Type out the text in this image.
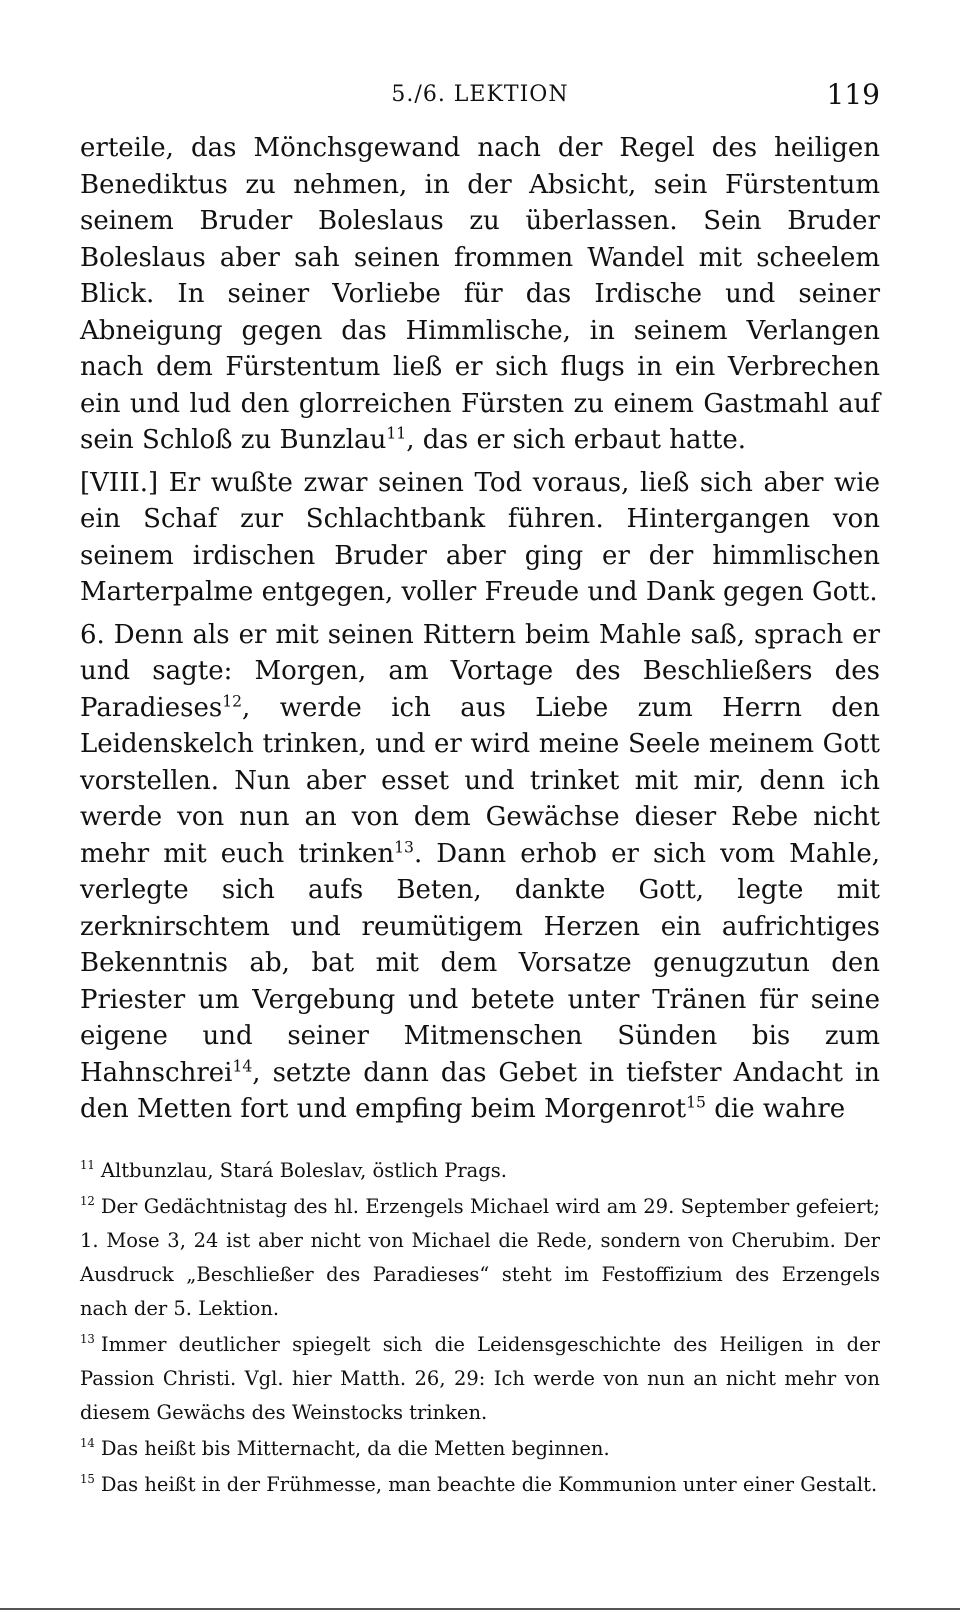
5./6. LEKTION	119

erteile, das Mönchsgewand nach der Regel des heiligen Benediktus zu nehmen, in der Absicht, sein Fürstentum seinem Bruder Boleslaus zu überlassen. Sein Bruder Boleslaus aber sah seinen frommen Wandel mit scheelem Blick. In seiner Vorliebe für das Irdische und seiner Abneigung gegen das Himmlische, in seinem Verlangen nach dem Fürstentum ließ er sich flugs in ein Verbrechen ein und lud den glorreichen Fürsten zu einem Gastmahl auf sein Schloß zu Bunzlau$^{11}$, das er sich erbaut hatte.

[VIII.] Er wußte zwar seinen Tod voraus, ließ sich aber wie ein Schaf zur Schlachtbank führen. Hintergangen von seinem irdischen Bruder aber ging er der himmlischen Marterpalme entgegen, voller Freude und Dank gegen Gott.

6. Denn als er mit seinen Rittern beim Mahle saß, sprach er und sagte: Morgen, am Vortage des Beschließers des Paradieses$^{12}$, werde ich aus Liebe zum Herrn den Leidenskelch trinken, und er wird meine Seele meinem Gott vorstellen. Nun aber esset und trinket mit mir, denn ich werde von nun an von dem Gewächse dieser Rebe nicht mehr mit euch trinken$^{13}$. Dann erhob er sich vom Mahle, verlegte sich aufs Beten, dankte Gott, legte mit zerknirschtem und reumütigem Herzen ein aufrichtiges Bekenntnis ab, bat mit dem Vorsatze genugzutun den Priester um Vergebung und betete unter Tränen für seine eigene und seiner Mitmenschen Sünden bis zum Hahnschrei$^{14}$, setzte dann das Gebet in tiefster Andacht in den Metten fort und empfing beim Morgenrot$^{15}$ die wahre

$^{11}$ Altbunzlau, Stará Boleslav, östlich Prags.

$^{12}$ Der Gedächtnistag des hl. Erzengels Michael wird am 29. September gefeiert; 1. Mose 3, 24 ist aber nicht von Michael die Rede, sondern von Cherubim. Der Ausdruck „Beschließer des Paradieses“ steht im Festoffizium des Erzengels nach der 5. Lektion.

$^{13}$ Immer deutlicher spiegelt sich die Leidensgeschichte des Heiligen in der Passion Christi. Vgl. hier Matth. 26, 29: Ich werde von nun an nicht mehr von diesem Gewächs des Weinstocks trinken.

$^{14}$ Das heißt bis Mitternacht, da die Metten beginnen.

$^{15}$ Das heißt in der Frühmesse, man beachte die Kommunion unter einer Gestalt.
